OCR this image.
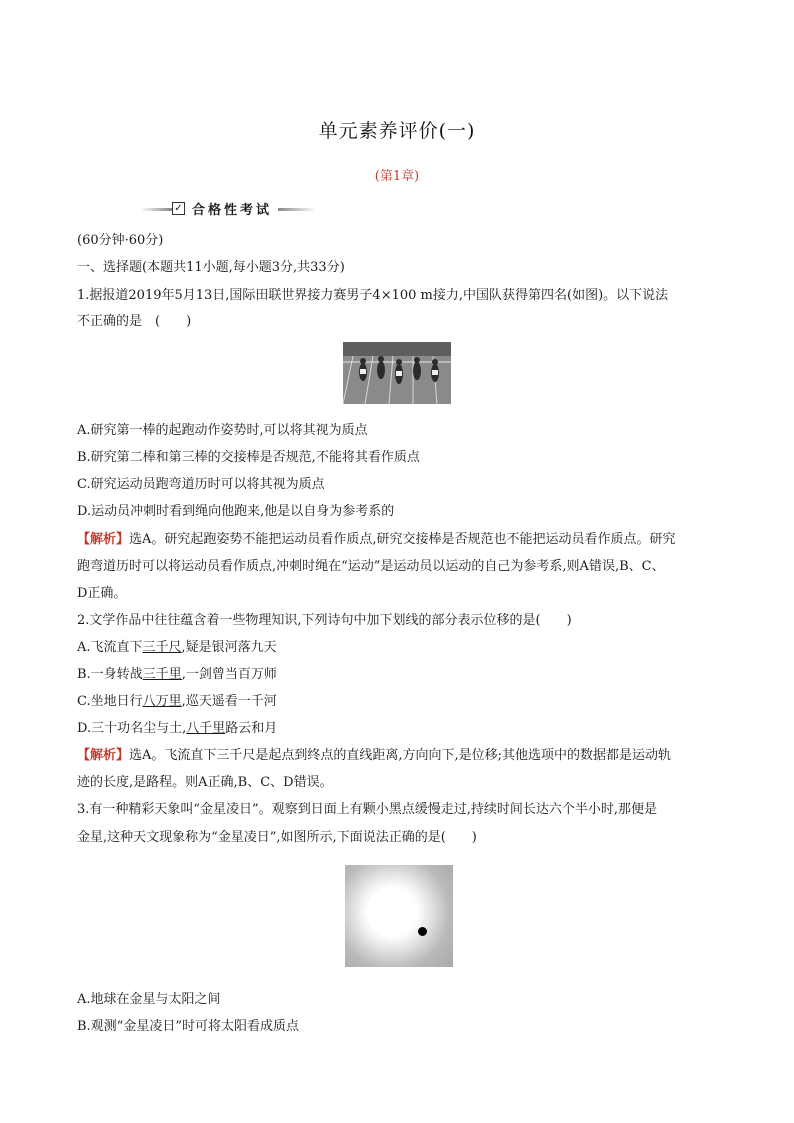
单元素养评价(一)
(第1章)
✓ 合格性考试
(60分钟·60分)
一、选择题(本题共11小题,每小题3分,共33分)
1.据报道2019年5月13日,国际田联世界接力赛男子4×100 m接力,中国队获得第四名(如图)。以下说法
不正确的是　(　　)
A.研究第一棒的起跑动作姿势时,可以将其视为质点
B.研究第二棒和第三棒的交接棒是否规范,不能将其看作质点
C.研究运动员跑弯道历时可以将其视为质点
D.运动员冲刺时看到绳向他跑来,他是以自身为参考系的
【解析】选A。研究起跑姿势不能把运动员看作质点,研究交接棒是否规范也不能把运动员看作质点。研究
跑弯道历时可以将运动员看作质点,冲刺时绳在“运动”是运动员以运动的自己为参考系,则A错误,B、C、
D正确。
2.文学作品中往往蕴含着一些物理知识,下列诗句中加下划线的部分表示位移的是(　　)
A.飞流直下三千尺,疑是银河落九天
B.一身转战三千里,一剑曾当百万师
C.坐地日行八万里,巡天遥看一千河
D.三十功名尘与土,八千里路云和月
【解析】选A。飞流直下三千尺是起点到终点的直线距离,方向向下,是位移;其他选项中的数据都是运动轨
迹的长度,是路程。则A正确,B、C、D错误。
3.有一种精彩天象叫“金星凌日”。观察到日面上有颗小黑点缓慢走过,持续时间长达六个半小时,那便是
金星,这种天文现象称为“金星凌日”,如图所示,下面说法正确的是(　　)
A.地球在金星与太阳之间
B.观测“金星凌日”时可将太阳看成质点
